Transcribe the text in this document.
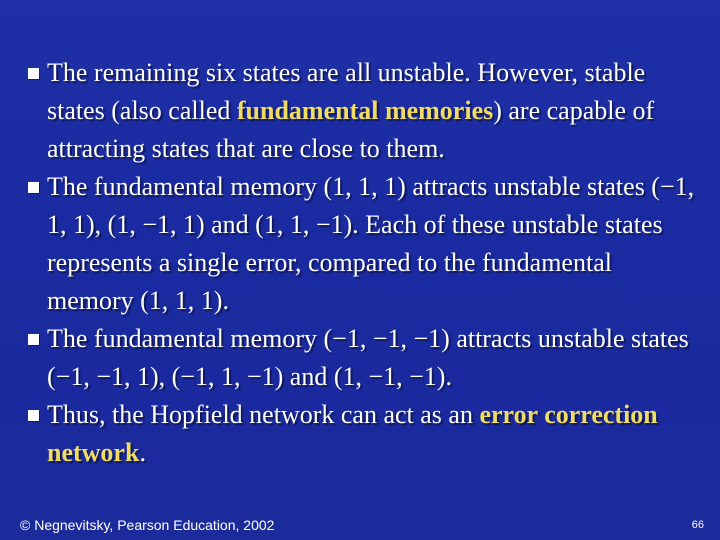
The remaining six states are all unstable. However, stable states (also called fundamental memories) are capable of attracting states that are close to them.
The fundamental memory (1, 1, 1) attracts unstable states (−1, 1, 1), (1, −1, 1) and (1, 1, −1). Each of these unstable states represents a single error, compared to the fundamental memory (1, 1, 1).
The fundamental memory (−1, −1, −1) attracts unstable states (−1, −1, 1), (−1, 1, −1) and (1, −1, −1).
Thus, the Hopfield network can act as an error correction network.
© Negnevitsky, Pearson Education, 2002	66
